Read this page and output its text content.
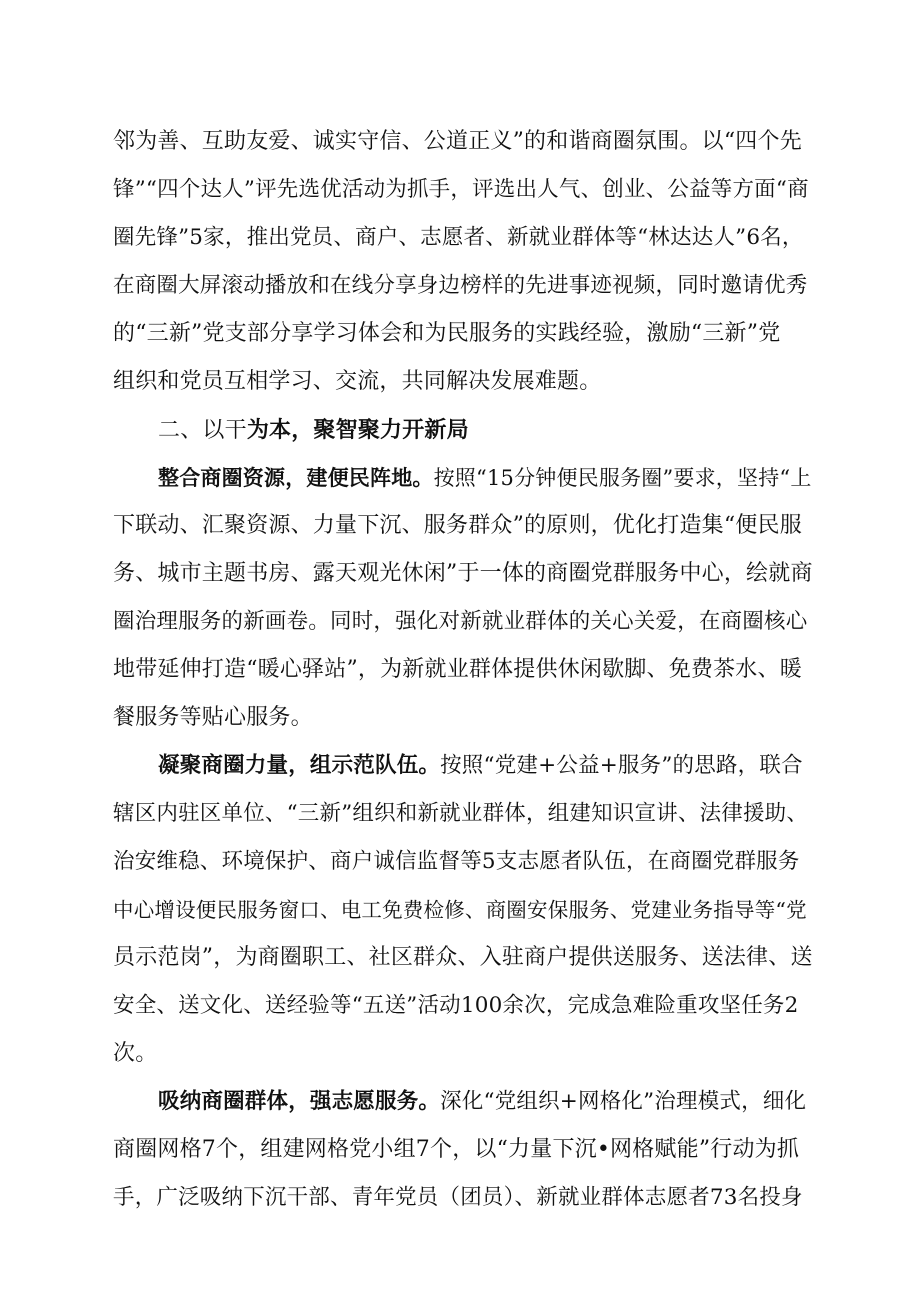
邻为善、互助友爱、诚实守信、公道正义”的和谐商圈氛围。以“四个先
锋”“四个达人”评先选优活动为抓手，评选出人气、创业、公益等方面“商
圈先锋”5家，推出党员、商户、志愿者、新就业群体等“林达达人”6名，
在商圈大屏滚动播放和在线分享身边榜样的先进事迹视频，同时邀请优秀
的“三新”党支部分享学习体会和为民服务的实践经验，激励“三新”党
组织和党员互相学习、交流，共同解决发展难题。
二、以干为本，聚智聚力开新局
整合商圈资源，建便民阵地。按照“15分钟便民服务圈”要求，坚持“上
下联动、汇聚资源、力量下沉、服务群众”的原则，优化打造集“便民服
务、城市主题书房、露天观光休闲”于一体的商圈党群服务中心，绘就商
圈治理服务的新画卷。同时，强化对新就业群体的关心关爱，在商圈核心
地带延伸打造“暖心驿站”，为新就业群体提供休闲歇脚、免费茶水、暖
餐服务等贴心服务。
凝聚商圈力量，组示范队伍。按照“党建+公益+服务”的思路，联合
辖区内驻区单位、“三新”组织和新就业群体，组建知识宣讲、法律援助、
治安维稳、环境保护、商户诚信监督等5支志愿者队伍，在商圈党群服务
中心增设便民服务窗口、电工免费检修、商圈安保服务、党建业务指导等“党
员示范岗”，为商圈职工、社区群众、入驻商户提供送服务、送法律、送
安全、送文化、送经验等“五送”活动100余次，完成急难险重攻坚任务2
次。
吸纳商圈群体，强志愿服务。深化“党组织+网格化”治理模式，细化
商圈网格7个，组建网格党小组7个，以“力量下沉•网格赋能”行动为抓
手，广泛吸纳下沉干部、青年党员（团员）、新就业群体志愿者73名投身
